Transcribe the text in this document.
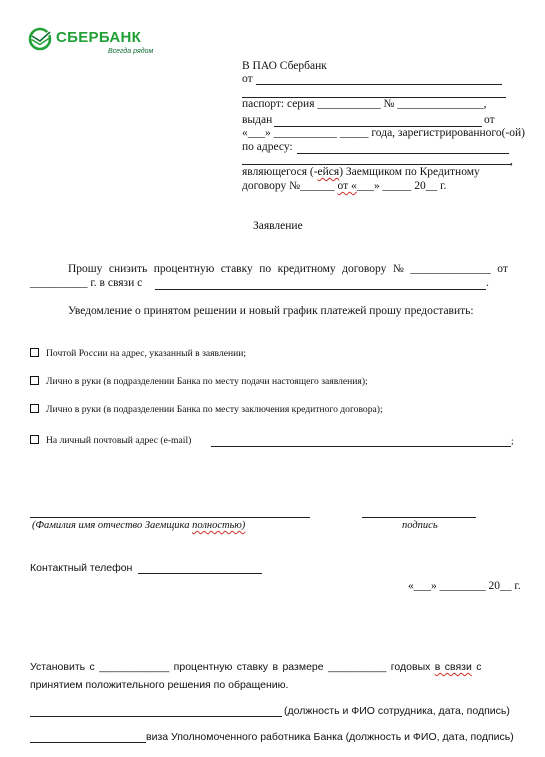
СБЕРБАНК
Всегда рядом
В ПАО Сбербанк
от
паспорт: серия ___________ № _______________,
выдан	от
«___» ___________ _____ года, зарегистрированного(-ой)
по адресу:
,
являющегося (-ейся) Заемщиком по Кредитному
договору №______ от «___» _____ 20__ г.
Заявление
Прошу снизить процентную ставку по кредитному договору № ______________ от
__________ г. в связи с	.
Уведомление о принятом решении и новый график платежей прошу предоставить:
Почтой России на адрес, указанный в заявлении;
Лично в руки (в подразделении Банка по месту подачи настоящего заявления);
Лично в руки (в подразделении Банка по месту заключения кредитного договора);
На личный почтовый адрес (e-mail)	;
(Фамилия имя отчество Заемщика полностью)	подпись
Контактный телефон
«___» ________ 20__ г.
Установить с ____________ процентную ставку в размере __________ годовых в связи с
принятием положительного решения по обращению.
(должность и ФИО сотрудника, дата, подпись)
виза Уполномоченного работника Банка (должность и ФИО, дата, подпись)
